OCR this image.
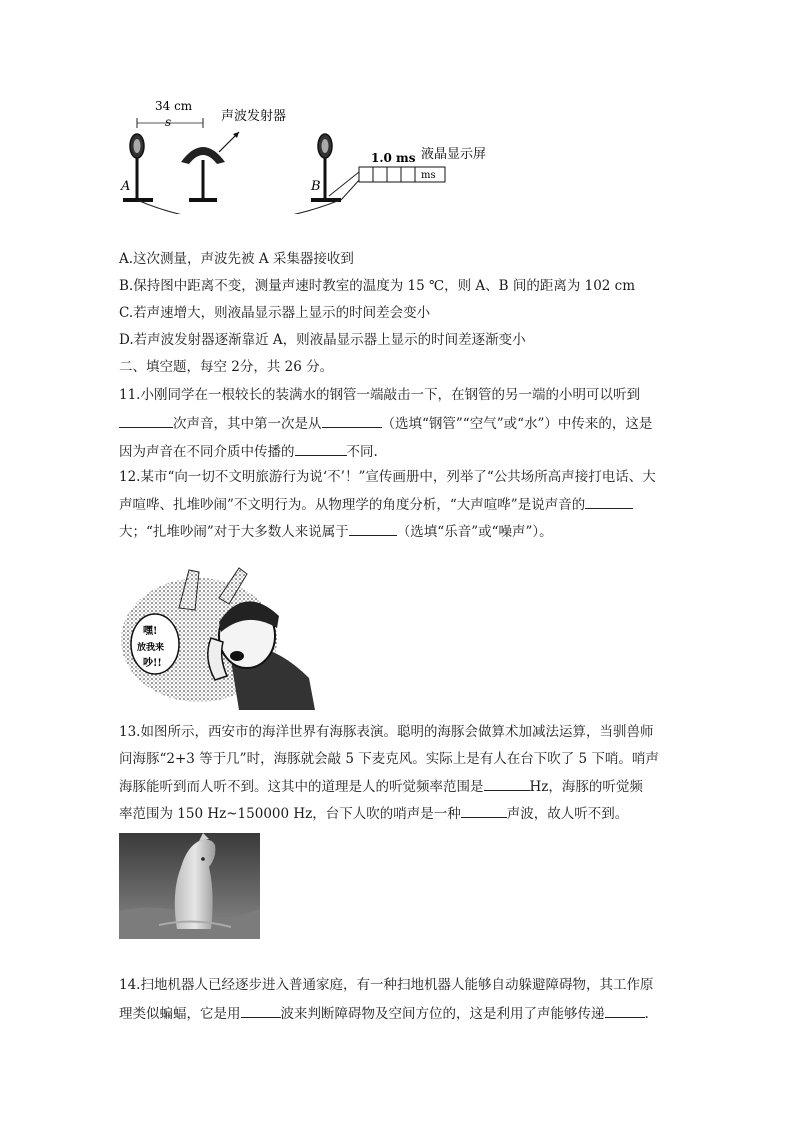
34 cm
s
A
声波发射器
B
1.0 ms
ms
液晶显示屏
A.这次测量，声波先被 A 采集器接收到
B.保持图中距离不变，测量声速时教室的温度为 15 ℃，则 A、B 间的距离为 102 cm
C.若声速增大，则液晶显示器上显示的时间差会变小
D.若声波发射器逐渐靠近 A，则液晶显示器上显示的时间差逐渐变小
二、填空题，每空 2分，共 26 分。
11.小刚同学在一根较长的装满水的钢管一端敲击一下，在钢管的另一端的小明可以听到
次声音，其中第一次是从	（选填“钢管”“空气”或“水”）中传来的，这是
因为声音在不同介质中传播的	不同.
12.某市“向一切不文明旅游行为说‘不’！”宣传画册中，列举了“公共场所高声接打电话、大
声喧哗、扎堆吵闹”不文明行为。从物理学的角度分析，“大声喧哗”是说声音的
大；“扎堆吵闹”对于大多数人来说属于	（选填“乐音”或“噪声”）。
嘿!
放我来
吵!!
13.如图所示，西安市的海洋世界有海豚表演。聪明的海豚会做算术加减法运算，当驯兽师
问海豚“2+3 等于几”时，海豚就会敲 5 下麦克风。实际上是有人在台下吹了 5 下哨。哨声
海豚能听到而人听不到。这其中的道理是人的听觉频率范围是	Hz，海豚的听觉频
率范围为 150 Hz~150000 Hz，台下人吹的哨声是一种	声波，故人听不到。
14.扫地机器人已经逐步进入普通家庭，有一种扫地机器人能够自动躲避障碍物，其工作原
理类似蝙蝠，它是用	波来判断障碍物及空间方位的，这是利用了声能够传递	.
